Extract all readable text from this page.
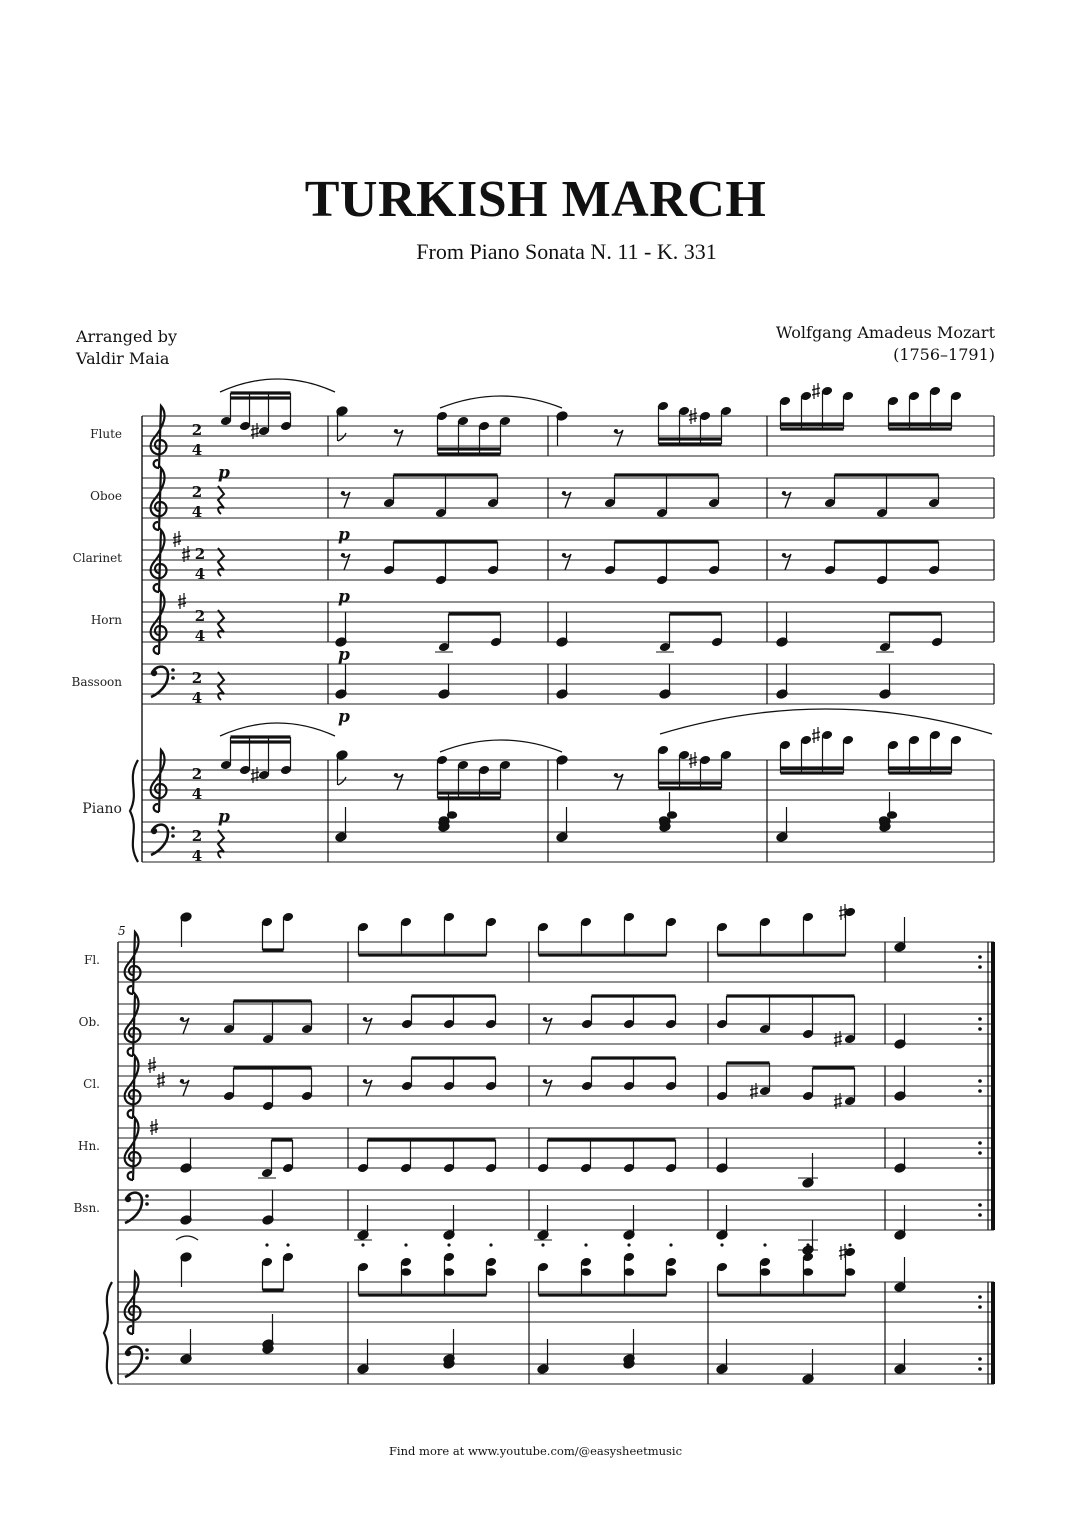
TURKISH MARCH
From Piano Sonata N. 11 - K. 331
Arranged by
Valdir Maia
Wolfgang Amadeus Mozart
(1756–1791)
Flute
Oboe
Clarinet
Horn
Bassoon
Piano
2
4
2
4
2
4
2
4
2
4
2
4
2
4
p
p
p
p
p
p
5
Fl.
Ob.
Cl.
Hn.
Bsn.
Find more at www.youtube.com/@easysheetmusic
